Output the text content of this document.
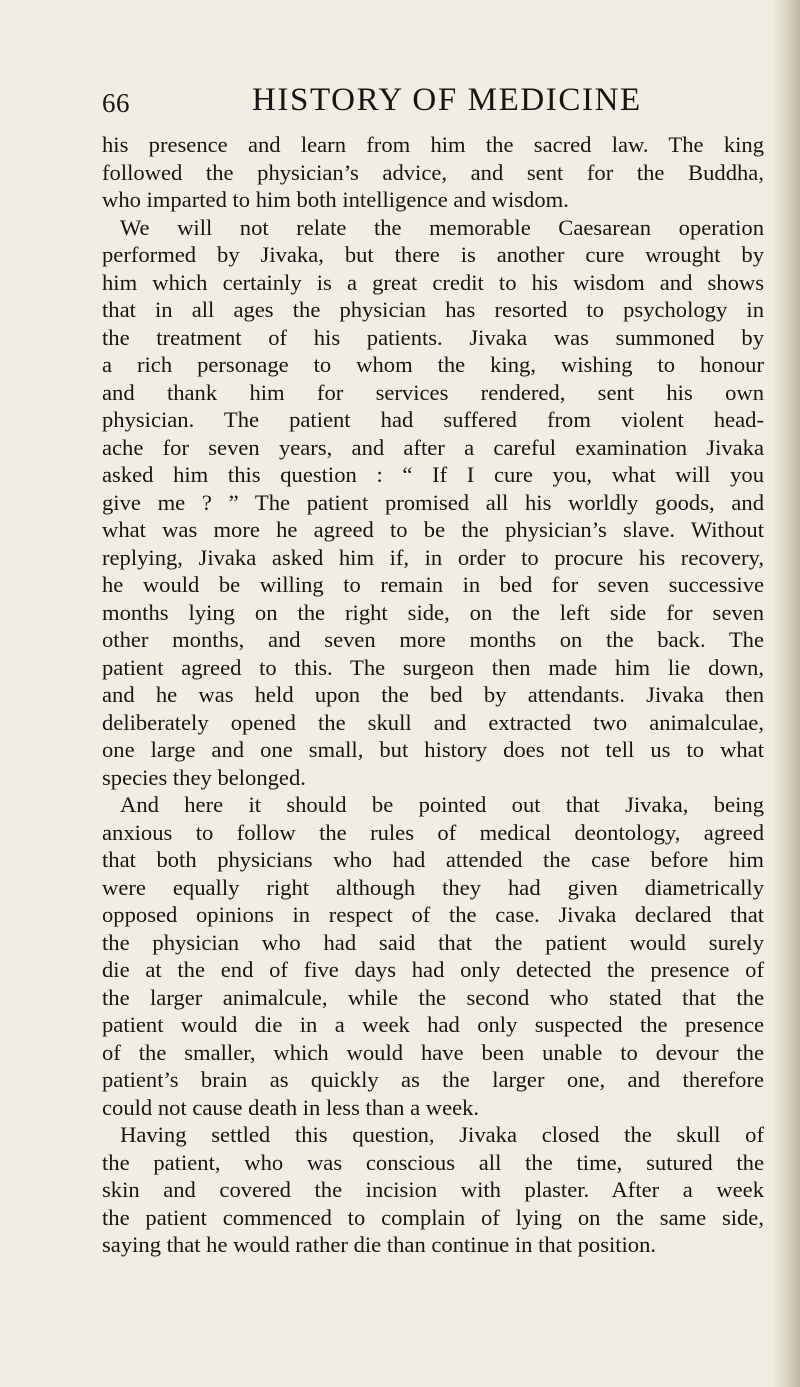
66	HISTORY OF MEDICINE
his presence and learn from him the sacred law. The king
followed the physician’s advice, and sent for the Buddha,
who imparted to him both intelligence and wisdom.
We will not relate the memorable Caesarean operation
performed by Jivaka, but there is another cure wrought by
him which certainly is a great credit to his wisdom and shows
that in all ages the physician has resorted to psychology in
the treatment of his patients. Jivaka was summoned by
a rich personage to whom the king, wishing to honour
and thank him for services rendered, sent his own
physician. The patient had suffered from violent head-
ache for seven years, and after a careful examination Jivaka
asked him this question : “ If I cure you, what will you
give me ? ” The patient promised all his worldly goods, and
what was more he agreed to be the physician’s slave. Without
replying, Jivaka asked him if, in order to procure his recovery,
he would be willing to remain in bed for seven successive
months lying on the right side, on the left side for seven
other months, and seven more months on the back. The
patient agreed to this. The surgeon then made him lie down,
and he was held upon the bed by attendants. Jivaka then
deliberately opened the skull and extracted two animalculae,
one large and one small, but history does not tell us to what
species they belonged.
And here it should be pointed out that Jivaka, being
anxious to follow the rules of medical deontology, agreed
that both physicians who had attended the case before him
were equally right although they had given diametrically
opposed opinions in respect of the case. Jivaka declared that
the physician who had said that the patient would surely
die at the end of five days had only detected the presence of
the larger animalcule, while the second who stated that the
patient would die in a week had only suspected the presence
of the smaller, which would have been unable to devour the
patient’s brain as quickly as the larger one, and therefore
could not cause death in less than a week.
Having settled this question, Jivaka closed the skull of
the patient, who was conscious all the time, sutured the
skin and covered the incision with plaster. After a week
the patient commenced to complain of lying on the same side,
saying that he would rather die than continue in that position.
